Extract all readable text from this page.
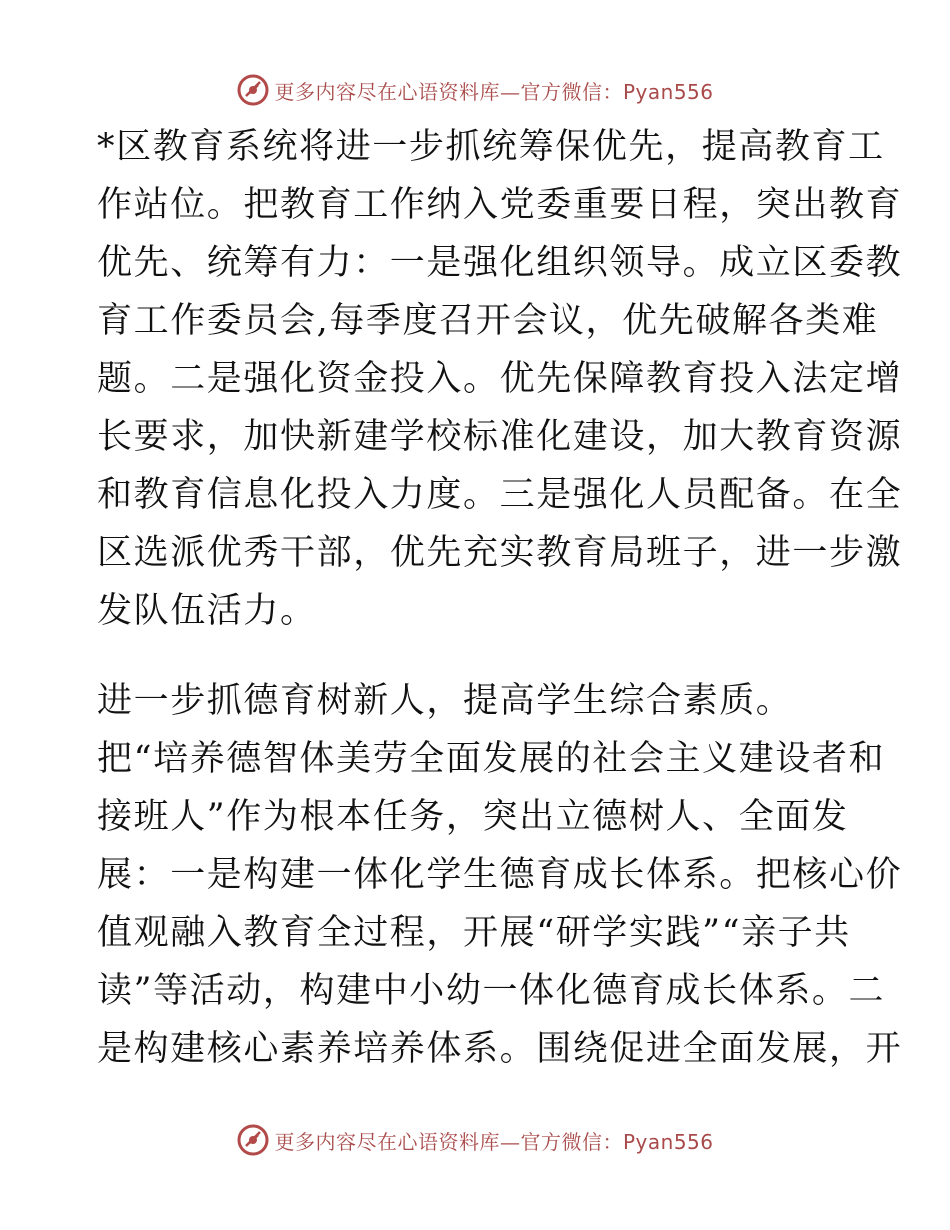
更多内容尽在心语资料库—官方微信：Pyan556
*区教育系统将进一步抓统筹保优先，提高教育工
作站位。把教育工作纳入党委重要日程，突出教育
优先、统筹有力：一是强化组织领导。成立区委教
育工作委员会,每季度召开会议，优先破解各类难
题。二是强化资金投入。优先保障教育投入法定增
长要求，加快新建学校标准化建设，加大教育资源
和教育信息化投入力度。三是强化人员配备。在全
区选派优秀干部，优先充实教育局班子，进一步激
发队伍活力。
进一步抓德育树新人，提高学生综合素质。
把“培养德智体美劳全面发展的社会主义建设者和
接班人”作为根本任务，突出立德树人、全面发
展：一是构建一体化学生德育成长体系。把核心价
值观融入教育全过程，开展“研学实践”“亲子共
读”等活动，构建中小幼一体化德育成长体系。二
是构建核心素养培养体系。围绕促进全面发展，开
更多内容尽在心语资料库—官方微信：Pyan556
